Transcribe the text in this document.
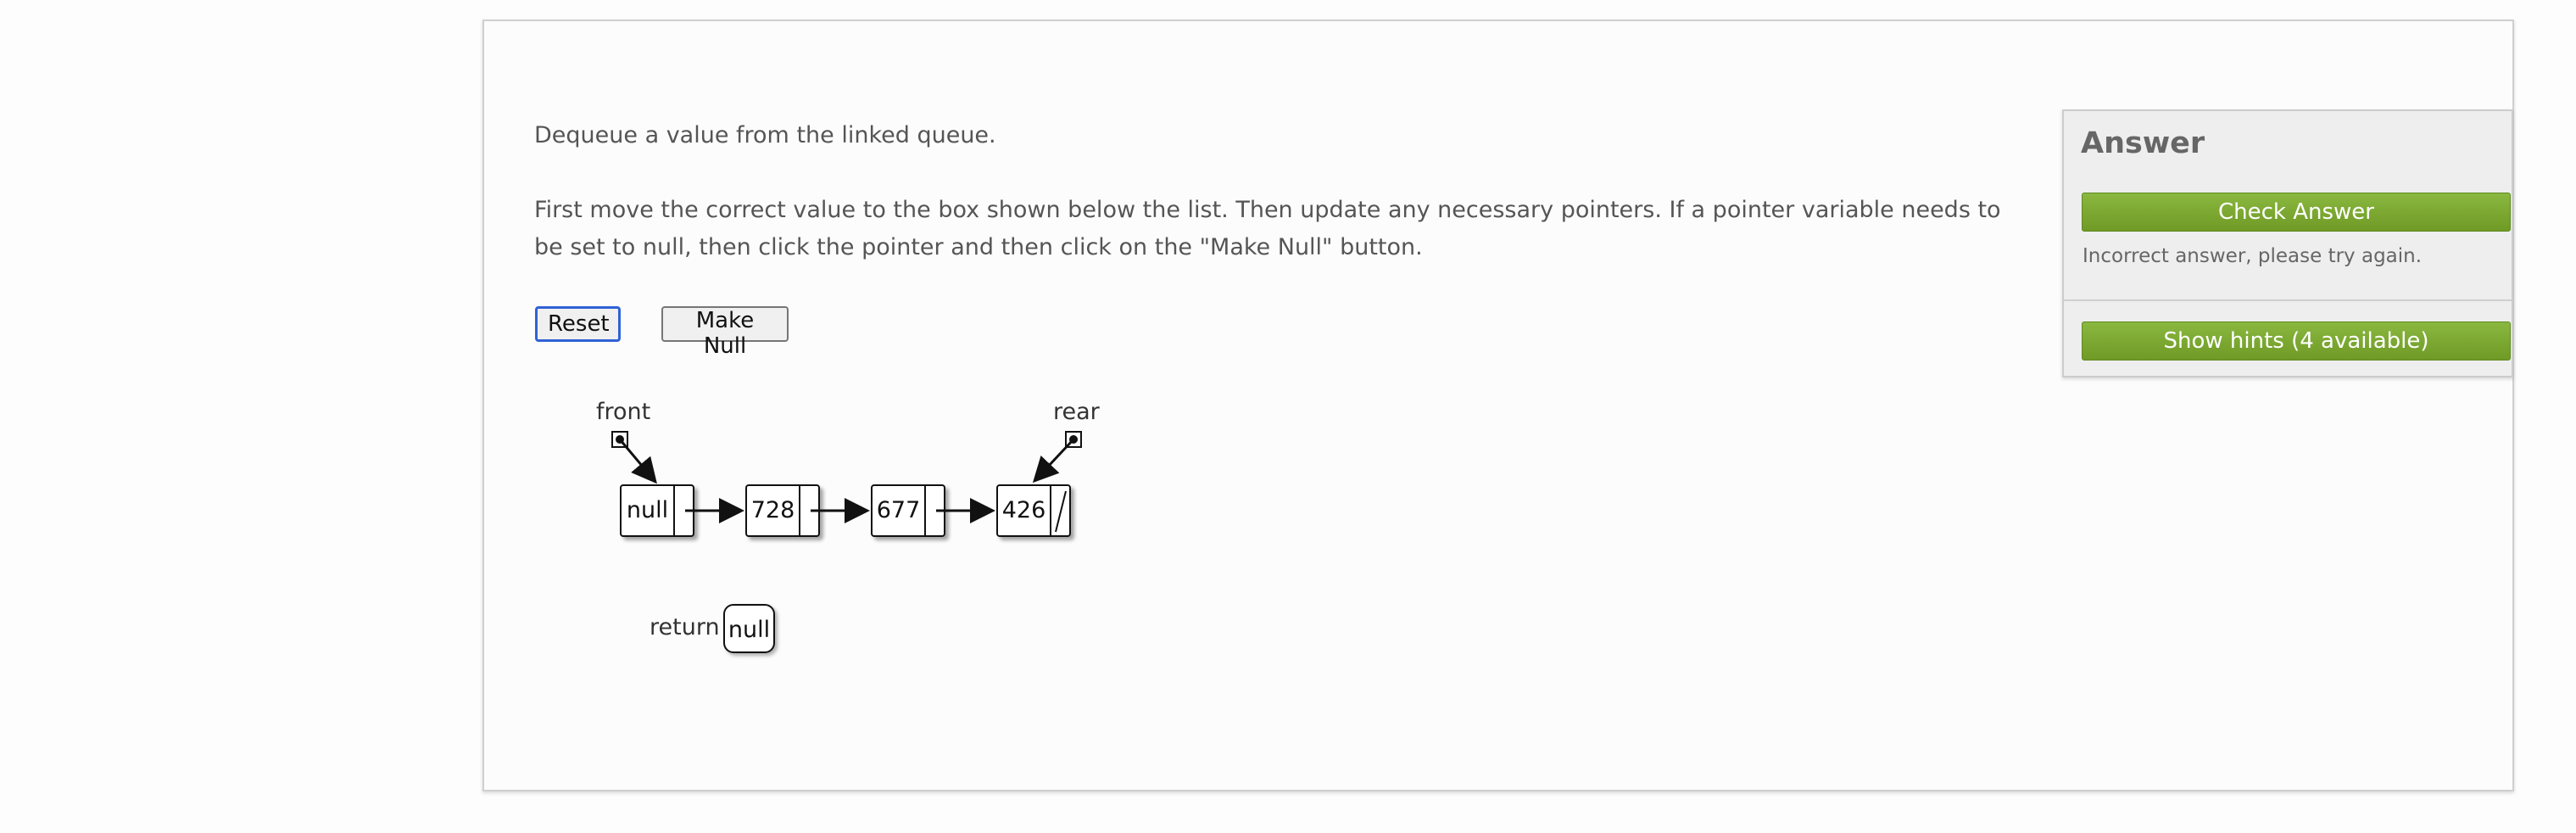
Dequeue a value from the linked queue.
First move the correct value to the box shown below the list. Then update any necessary pointers. If a pointer variable needs to be set to null, then click the pointer and then click on the "Make Null" button.
Reset	Make Null
front	rear
null	728	677	426
return null
Answer
Check Answer
Incorrect answer, please try again.
Show hints (4 available)
